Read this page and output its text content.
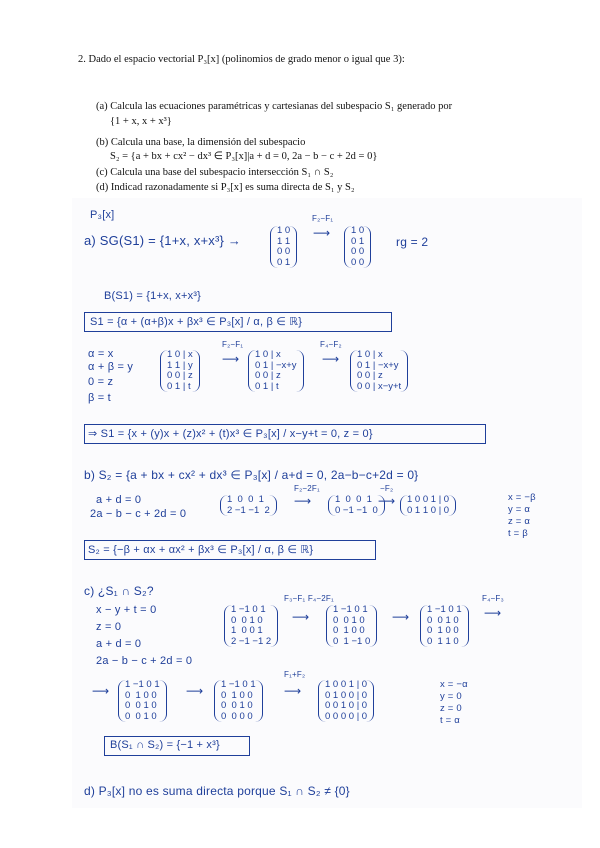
2. Dado el espacio vectorial P₃[x] (polinomios de grado menor o igual que 3):
(a) Calcula las ecuaciones paramétricas y cartesianas del subespacio S₁ generado por
{1 + x, x + x³}
(b) Calcula una base, la dimensión del subespacio
S₂ = {a + bx + cx² − dx³ ∈ P₃[x]|a + d = 0, 2a − b − c + 2d = 0}
(c) Calcula una base del subespacio intersección S₁ ∩ S₂
(d) Indicad razonadamente si P₃[x] es suma directa de S₁ y S₂
P₃[x]
a) SG(S1) = {1+x, x+x³} →
1 0
1 1
0 0
0 1
F₂−F₁
⟶	1 0
0 1
0 0
0 0
rg = 2
B(S1) = {1+x, x+x³}
S1 = {α + (α+β)x + βx³ ∈ P₃[x] / α, β ∈ ℝ}
α = x
α + β = y
0 = z
β = t
1 0 | x
1 1 | y
0 0 | z
0 1 | t
F₂−F₁
⟶	1 0 | x
0 1 | −x+y
0 0 | z
0 1 | t
F₄−F₂
⟶	1 0 | x
0 1 | −x+y
0 0 | z
0 0 | x−y+t
⇒ S1 = {x + (y)x + (z)x² + (t)x³ ∈ P₃[x] / x−y+t = 0, z = 0}
b) S₂ = {a + bx + cx² + dx³ ∈ P₃[x] / a+d = 0, 2a−b−c+2d = 0}
a + d = 0
2a − b − c + 2d = 0
1  0  0  1
2 −1 −1  2
F₂−2F₁
⟶	1  0  0  1
0 −1 −1  0
−F₂
⟶	1 0 0 1 | 0
0 1 1 0 | 0
x = −β
y = α
z = α
t = β
S₂ = {−β + αx + αx² + βx³ ∈ P₃[x] / α, β ∈ ℝ}
c) ¿S₁ ∩ S₂?
x − y + t = 0
z = 0
a + d = 0
2a − b − c + 2d = 0
1 −1 0 1
0  0 1 0
1  0 0 1
2 −1 −1 2
F₃−F₁ F₄−2F₁
⟶
1 −1 0 1
0  0 1 0
0  1 0 0
0  1 −1 0
⟶
1 −1 0 1
0  0 1 0
0  1 0 0
0  1 1 0
F₄−F₃
⟶
⟶	1 −1 0 1
0  1 0 0
0  0 1 0
0  0 1 0
⟶	1 −1 0 1
0  1 0 0
0  0 1 0
0  0 0 0
F₁+F₂
⟶	1 0 0 1 | 0
0 1 0 0 | 0
0 0 1 0 | 0
0 0 0 0 | 0
x = −α
y = 0
z = 0
t = α
B(S₁ ∩ S₂) = {−1 + x³}
d) P₃[x] no es suma directa porque S₁ ∩ S₂ ≠ {0}
